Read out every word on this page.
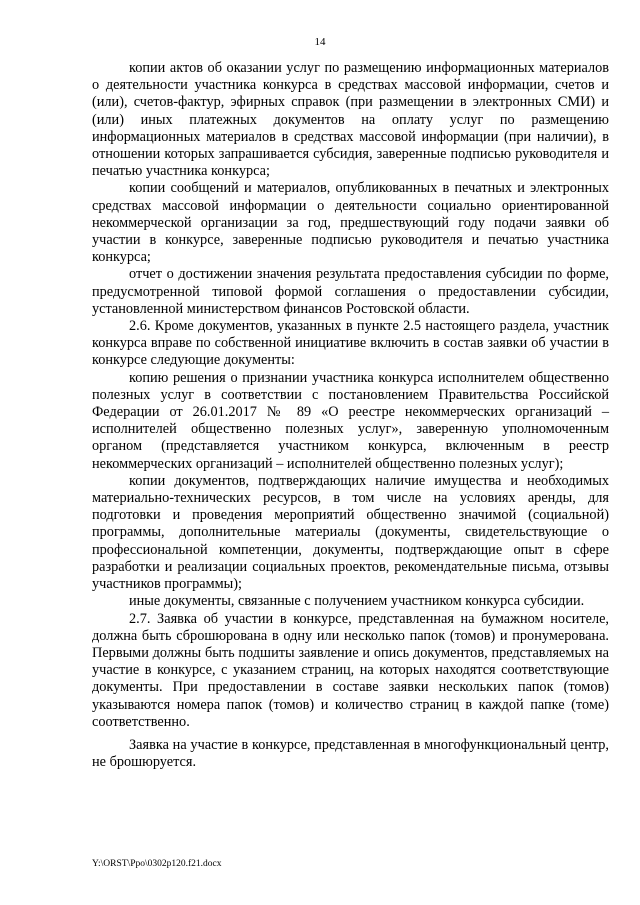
14

копии актов об оказании услуг по размещению информационных материалов о деятельности участника конкурса в средствах массовой информации, счетов и (или), счетов-фактур, эфирных справок (при размещении в электронных СМИ) и (или) иных платежных документов на оплату услуг по размещению информационных материалов в средствах массовой информации (при наличии), в отношении которых запрашивается субсидия, заверенные подписью руководителя и печатью участника конкурса;

копии сообщений и материалов, опубликованных в печатных и электронных средствах массовой информации о деятельности социально ориентированной некоммерческой организации за год, предшествующий году подачи заявки об участии в конкурсе, заверенные подписью руководителя и печатью участника конкурса;

отчет о достижении значения результата предоставления субсидии по форме, предусмотренной типовой формой соглашения о предоставлении субсидии, установленной министерством финансов Ростовской области.

2.6. Кроме документов, указанных в пункте 2.5 настоящего раздела, участник конкурса вправе по собственной инициативе включить в состав заявки об участии в конкурсе следующие документы:

копию решения о признании участника конкурса исполнителем общественно полезных услуг в соответствии с постановлением Правительства Российской Федерации от 26.01.2017 № 89 «О реестре некоммерческих организаций – исполнителей общественно полезных услуг», заверенную уполномоченным органом (представляется участником конкурса, включенным в реестр некоммерческих организаций – исполнителей общественно полезных услуг);

копии документов, подтверждающих наличие имущества и необходимых материально-технических ресурсов, в том числе на условиях аренды, для подготовки и проведения мероприятий общественно значимой (социальной) программы, дополнительные материалы (документы, свидетельствующие о профессиональной компетенции, документы, подтверждающие опыт в сфере разработки и реализации социальных проектов, рекомендательные письма, отзывы участников программы);

иные документы, связанные с получением участником конкурса субсидии.

2.7. Заявка об участии в конкурсе, представленная на бумажном носителе, должна быть сброшюрована в одну или несколько папок (томов) и пронумерована. Первыми должны быть подшиты заявление и опись документов, представляемых на участие в конкурсе, с указанием страниц, на которых находятся соответствующие документы. При предоставлении в составе заявки нескольких папок (томов) указываются номера папок (томов) и количество страниц в каждой папке (томе) соответственно.

Заявка на участие в конкурсе, представленная в многофункциональный центр, не брошюруется.

Y:\ORST\Ppo\0302p120.f21.docx
